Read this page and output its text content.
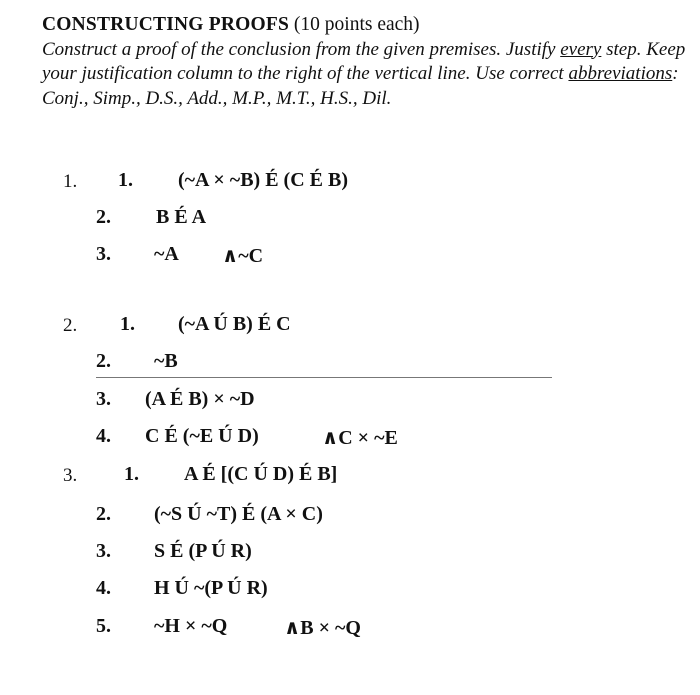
CONSTRUCTING PROOFS (10 points each)
Construct a proof of the conclusion from the given premises. Justify every step. Keep your justification column to the right of the vertical line. Use correct abbreviations: Conj., Simp., D.S., Add., M.P., M.T., H.S., Dil.
1. 1. (~A × ~B) É (C É B)
2. B É A
3. ~A ∧~C
2. 1. (~A Ú B) É C
2. ~B
3. (A É B) × ~D
4. C É (~E Ú D)	∧C × ~E
3. 1. A É [(C Ú D) É B]
2. (~S Ú ~T) É (A × C)
3. S É (P Ú R)
4. H Ú ~(P Ú R)
5. ~H × ~Q	∧B × ~Q
